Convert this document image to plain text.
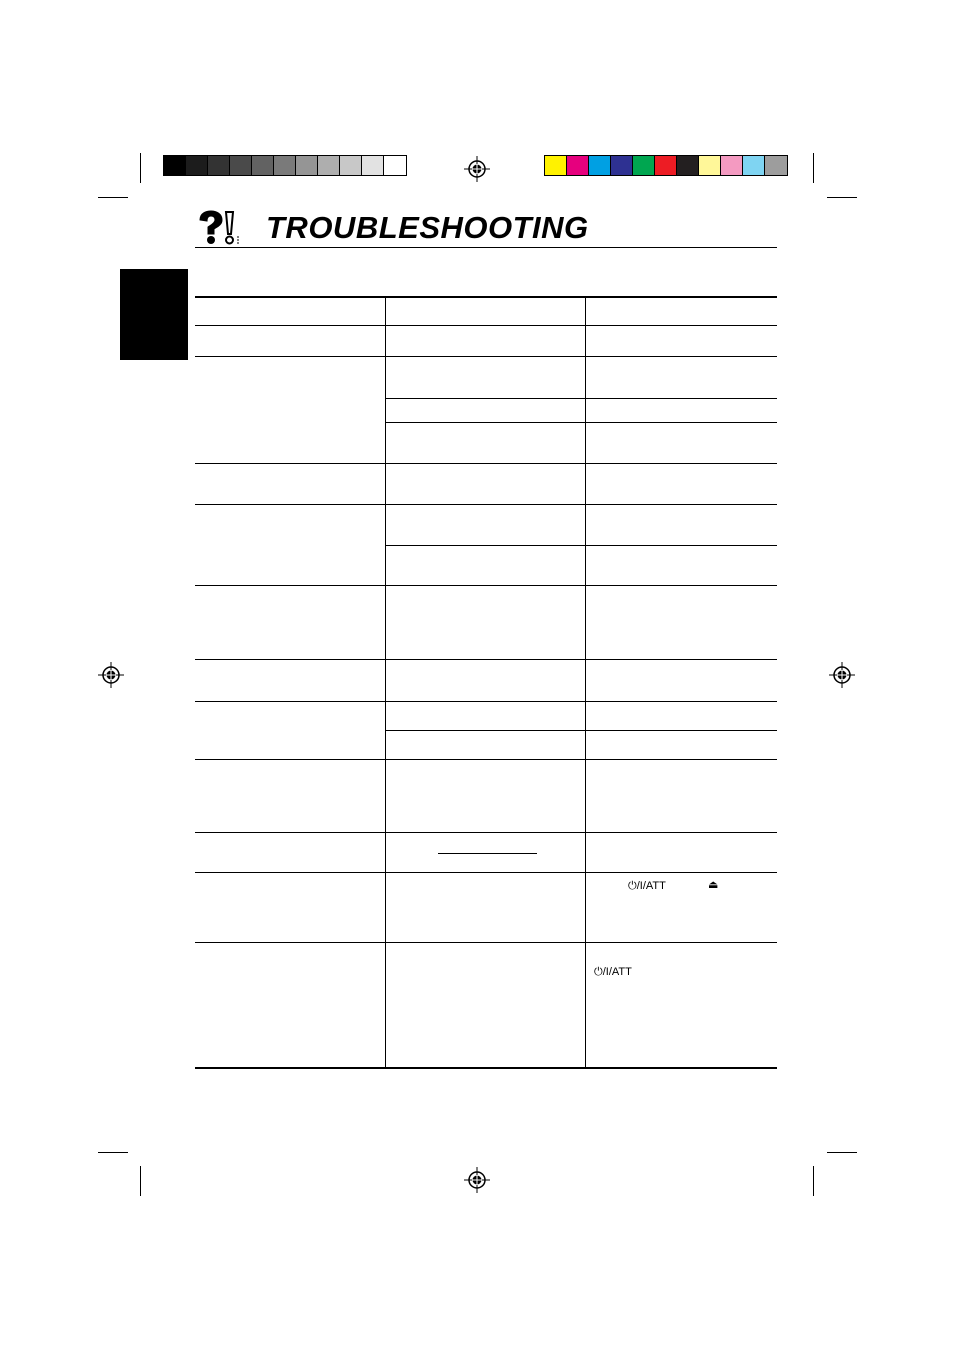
TROUBLESHOOTING
⏻/I/ATT	⏏
⏻/I/ATT
